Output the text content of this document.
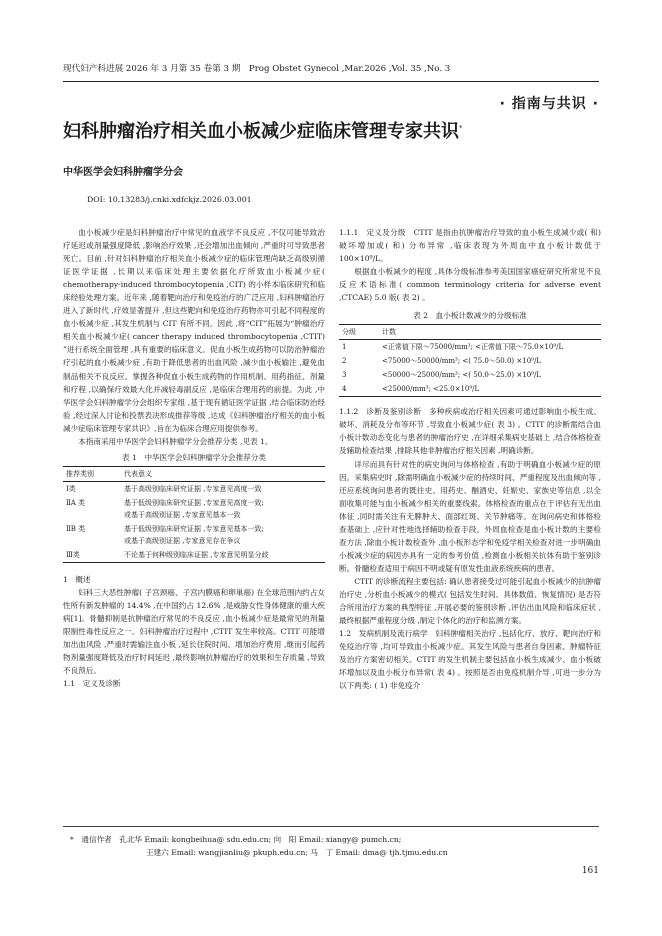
现代妇产科进展 2026 年 3 月第 35 卷第 3 期　Prog Obstet Gynecol ,Mar.2026 ,Vol. 35 ,No. 3
· 指南与共识 ·
妇科肿瘤治疗相关血小板减少症临床管理专家共识*
中华医学会妇科肿瘤学分会
DOI: 10.13283/j.cnki.xdfckjz.2026.03.001

血小板减少症是妇科肿瘤治疗中常见的血液学不良反应 ,不仅可能导致治疗延迟或剂量强度降低 ,影响治疗效果 ,还会增加出血倾向 ,严重时可导致患者死亡。目前 ,针对妇科肿瘤治疗相关血小板减少症的临床管理尚缺乏高级别循证医学证据 ,长期以来临床处理主要依据化疗所致血小板减少症( chemotherapy-induced thrombocytopenia ,CIT) 的小样本临床研究和临床经验处理方案。近年来 ,随着靶向治疗和免疫治疗的广泛应用 ,妇科肿瘤治疗进入了新时代 ,疗效显著提升 ,但这些靶向和免疫治疗药物亦可引起不同程度的血小板减少症 ,其发生机制与 CIT 有所不同。因此 ,将“CIT”拓展为“肿瘤治疗相关血小板减少症( cancer therapy induced thrombocytopenia ,CTIT) ”进行系统全面管理 ,具有重要的临床意义。促血小板生成药物可以防治肿瘤治疗引起的血小板减少症 ,有助于降低患者的出血风险 ,减少血小板输注 ,避免血制品相关不良反应。掌握各种促血小板生成药物的作用机制、用药指征、剂量和疗程 ,以确保疗效最大化并减轻毒副反应 ,是临床合理用药的前提。为此 ,中华医学会妇科肿瘤学分会组织专家组 ,基于现有循证医学证据 ,结合临床防治经验 ,经过深入讨论和投票表决形成推荐等级 ,达成《妇科肿瘤治疗相关的血小板减少症临床管理专家共识》,旨在为临床合理应用提供参考。

本指南采用中华医学会妇科肿瘤学分会推荐分类 ,见表 1。

表 1　中华医学会妇科肿瘤学分会推荐分类
推荐类别	代表意义
Ⅰ类	基于高级别临床研究证据 ,专家意见高度一致
ⅡA 类	基于低级别临床研究证据 ,专家意见高度一致;
或基于高级别证据 ,专家意见基本一致
ⅡB 类	基于低级别临床研究证据 ,专家意见基本一致;
或基于高级别证据 ,专家意见存在争议
Ⅲ类	不论基于何种级别临床证据 ,专家意见明显分歧
1　概述

妇科三大恶性肿瘤( 子宫颈癌、子宫内膜癌和卵巢癌) 在全球范围内约占女性所有新发肿瘤的 14.4% ,在中国约占 12.6% ,是威胁女性身体健康的重大疾病[1]。骨髓抑制是抗肿瘤治疗常见的不良反应 ,血小板减少症是最常见的剂量限制性毒性反应之一。妇科肿瘤治疗过程中 ,CTIT 发生率较高。CTIT 可能增加出血风险 ,严重时需输注血小板 ,延长住院时间、增加治疗费用 ,继而引起药物剂量强度降低及治疗时间延迟 ,最终影响抗肿瘤治疗的效果和生存质量 ,导致不良预后。

1.1　定义及诊断

1.1.1　定义及分级　CTIT 是指由抗肿瘤治疗导致的血小板生成减少或( 和) 破坏增加或( 和) 分布异常 ,临床表现为外周血中血小板计数低于 100×10⁹/L。

根据血小板减少的程度 ,具体分级标准参考美国国家癌症研究所常见不良反应术语标准( common terminology criteria for adverse event ,CTCAE) 5.0 版( 表 2) 。

表 2　血小板计数减少的分级标准
分级	计数
1	<正常值下限～75000/mm³; <正常值下限～75.0×10⁹/L
2	<75000～50000/mm³; <( 75.0～50.0) ×10⁹/L
3	<50000～25000/mm³; <( 50.0～25.0) ×10⁹/L
4	<25000/mm³; <25.0×10⁹/L

1.1.2　诊断及鉴别诊断　多种疾病或治疗相关因素可通过影响血小板生成、破坏、消耗及分布等环节 ,导致血小板减少症( 表 3) 。CTIT 的诊断需结合血小板计数动态变化与患者的肿瘤治疗史 ,在详细采集病史基础上 ,结合体格检查及辅助检查结果 ,排除其他非肿瘤治疗相关因素 ,明确诊断。

详尽而具有针对性的病史询问与体格检查 ,有助于明确血小板减少症的原因。采集病史时 ,除需明确血小板减少症的持续时间、严重程度及出血倾向等 ,还应系统询问患者的既往史、用药史、酗酒史、妊娠史、家族史等信息 ,以全面收集可能与血小板减少相关的重要线索。体格检查的重点在于评估有无出血体征 ,同时需关注有无脾肿大、面部红斑、关节肿痛等。在询问病史和体格检查基础上 ,应针对性地选择辅助检查手段。外周血检查是血小板计数的主要检查方法 ,除血小板计数检查外 ,血小板形态学和免疫学相关检查对进一步明确血小板减少症的病因亦具有一定的参考价值 ,检测血小板相关抗体有助于鉴别诊断。骨髓检查适用于病因不明或疑有原发性血液系统疾病的患者。

CTIT 的诊断流程主要包括: 确认患者接受过可能引起血小板减少的抗肿瘤治疗史 ,分析血小板减少的模式( 包括发生时间、具体数值、恢复情况) 是否符合所用治疗方案的典型特征 ,开展必要的鉴别诊断 ,评估出血风险和临床症状 ,最终根据严重程度分级 ,制定个体化的治疗和监测方案。

1.2　发病机制及流行病学　妇科肿瘤相关治疗 ,包括化疗、放疗、靶向治疗和免疫治疗等 ,均可导致血小板减少症。其发生风险与患者自身因素、肿瘤特征及治疗方案密切相关。CTIT 的发生机制主要包括血小板生成减少、血小板破坏增加以及血小板分布异常( 表 4) 。按照是否由免疫机制介导 ,可进一步分为以下两类: ( 1) 非免疫介

*　通信作者　孔北华 Email: kongbeihua@ sdu.edu.cn; 向　阳 Email: xiangy@ pumch.cn;
王建六 Email: wangjianliu@ pkuph.edu.cn; 马　丁 Email: dma@ tjh.tjmu.edu.cn
161
